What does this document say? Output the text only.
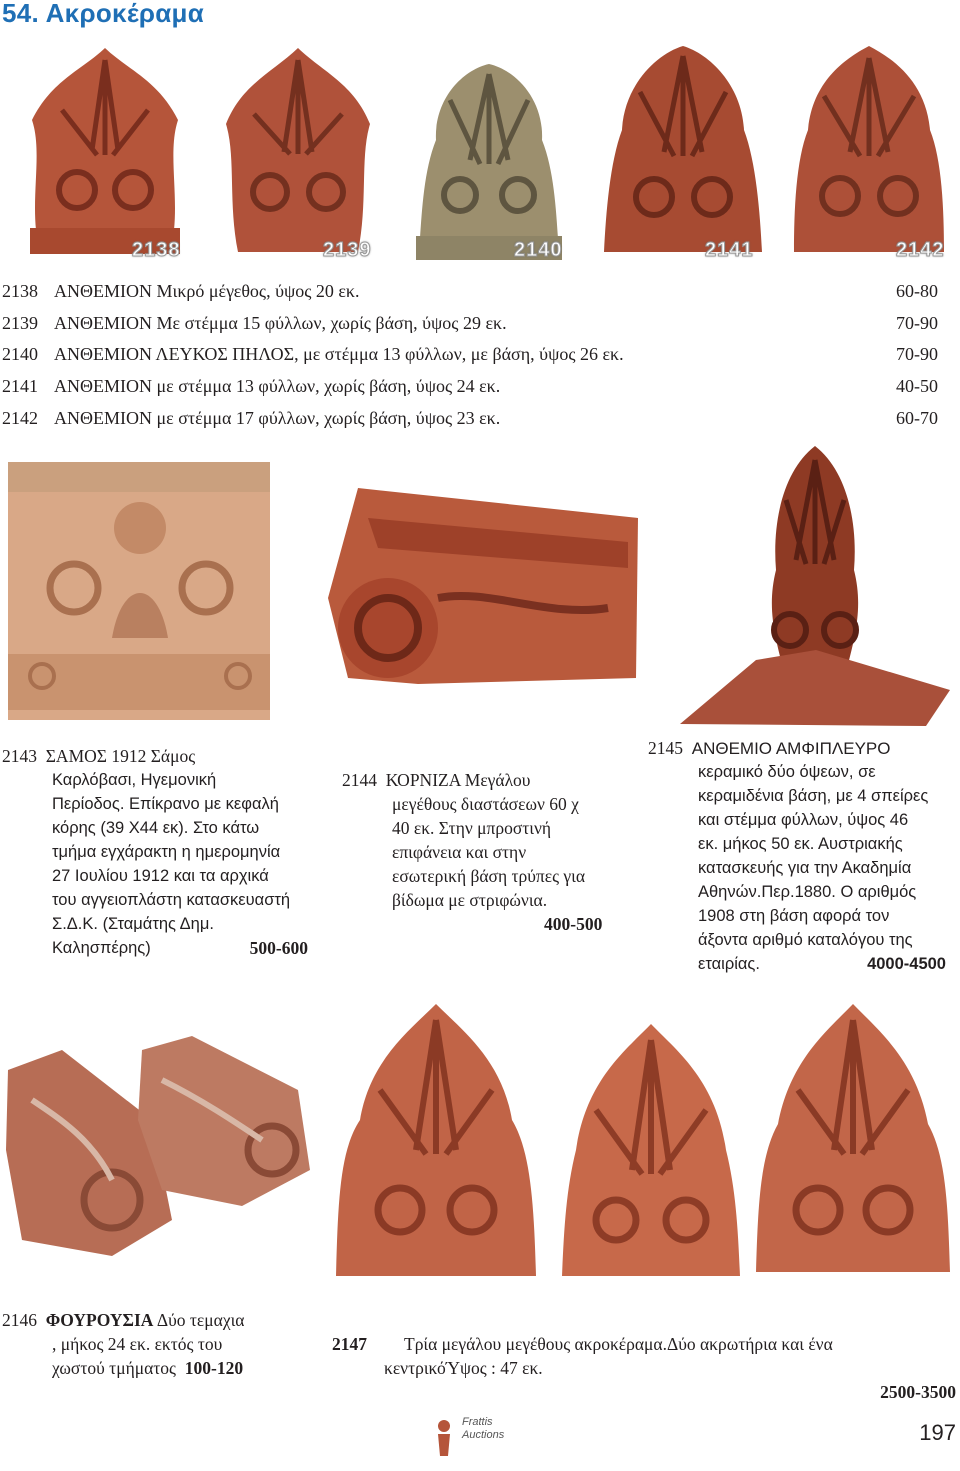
54. Ακροκέραμα
2138	2139	2140	2141	2142
2138 ΑΝΘΕΜΙΟΝ Μικρό μέγεθος, ύψος 20 εκ.	60-80
2139 ΑΝΘΕΜΙΟΝ Με στέμμα 15 φύλλων, χωρίς βάση, ύψος 29 εκ.	70-90
2140 ΑΝΘΕΜΙΟΝ ΛΕΥΚΟΣ ΠΗΛΟΣ, με στέμμα 13 φύλλων, με βάση, ύψος 26 εκ.	70-90
2141 ΑΝΘΕΜΙΟΝ με στέμμα 13 φύλλων, χωρίς βάση, ύψος 24 εκ.	40-50
2142 ΑΝΘΕΜΙΟΝ με στέμμα 17 φύλλων, χωρίς βάση, ύψος 23 εκ.	60-70
2143 ΣΑΜΟΣ 1912 Σάμος
Καρλόβασι, Ηγεμονική
Περίοδος. Επίκρανο με κεφαλή
κόρης (39 Χ44 εκ). Στο κάτω
τμήμα εγχάρακτη η ημερομηνία
27 Ιουλίου 1912 και τα αρχικά
του αγγειοπλάστη κατασκευαστή
Σ.Δ.Κ. (Σταμάτης Δημ.
Καλησπέρης)	500-600
2144 ΚΟΡΝΙΖΑ Μεγάλου
μεγέθους διαστάσεων 60 χ
40 εκ. Στην μπροστινή
επιφάνεια και στην
εσωτερική βάση τρύπες για
βίδωμα με στριφώνια.
400-500
2145 ΑΝΘΕΜΙΟ ΑΜΦΙΠΛΕΥΡΟ
κεραμικό δύο όψεων, σε
κεραμιδένια βάση, με 4 σπείρες
και στέμμα φύλλων, ύψος 46
εκ. μήκος 50 εκ. Αυστριακής
κατασκευής για την Ακαδημία
Αθηνών.Περ.1880. Ο αριθμός
1908 στη βάση αφορά τον
άξοντα αριθμό καταλόγου της
εταιρίας.	4000-4500
2146 ΦΟΥΡΟΥΣΙΑ Δύο τεμαχια
, μήκος 24 εκ. εκτός του
χωστού τμήματος 100-120
2147 Τρία μεγάλου μεγέθους ακροκέραμα.Δύο ακρωτήρια και ένα
κεντρικόΎψος : 47 εκ.
2500-3500
Frattis
Auctions	197
